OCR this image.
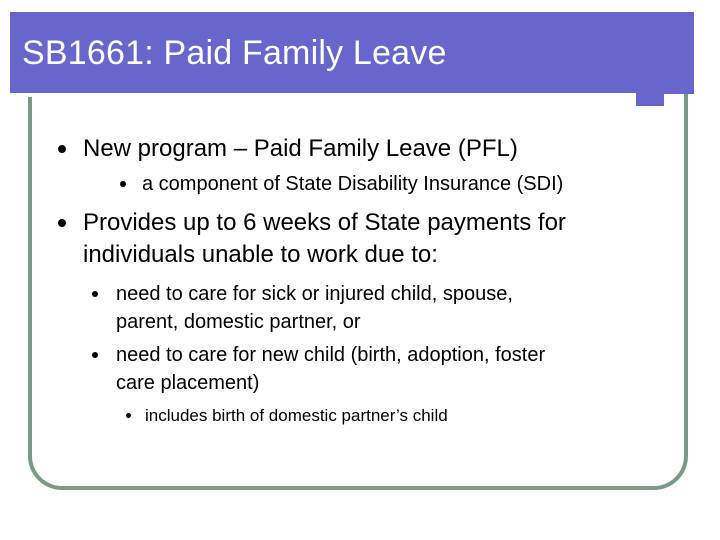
SB1661: Paid Family Leave
New program – Paid Family Leave (PFL)
a component of State Disability Insurance (SDI)
Provides up to 6 weeks of State payments for
individuals unable to work due to:
need to care for sick or injured child, spouse,
parent, domestic partner, or
need to care for new child (birth, adoption, foster
care placement)
includes birth of domestic partner’s child
